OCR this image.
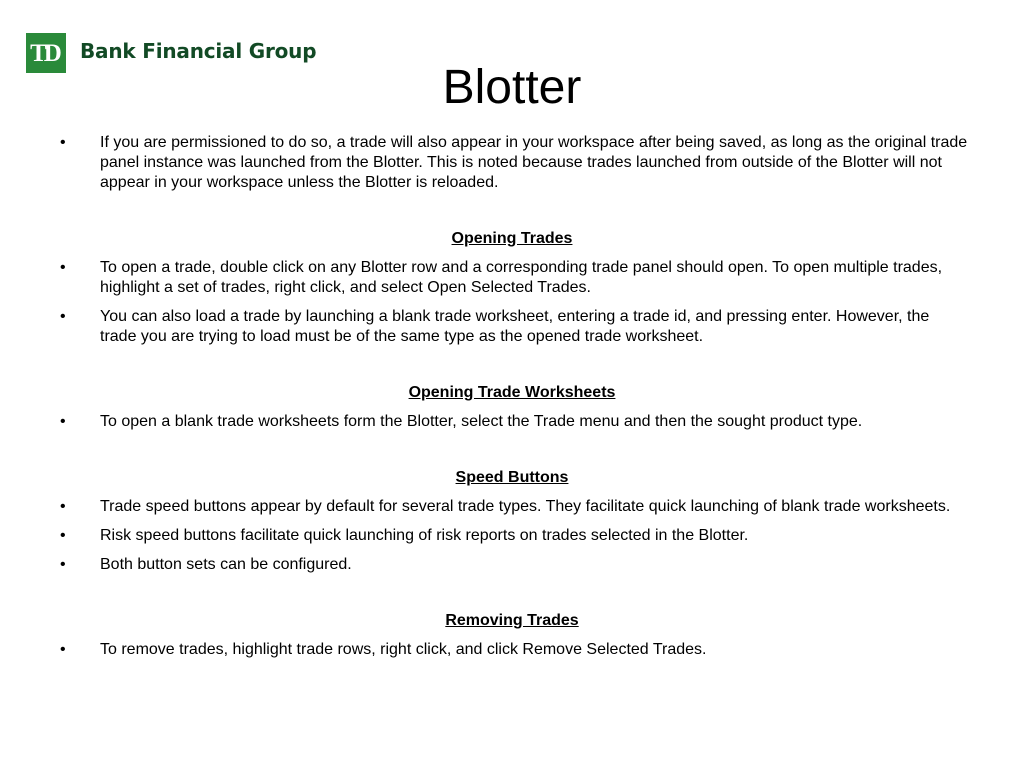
TD Bank Financial Group
Blotter
• If you are permissioned to do so, a trade will also appear in your workspace after being saved, as long as the original trade panel instance was launched from the Blotter. This is noted because trades launched from outside of the Blotter will not appear in your workspace unless the Blotter is reloaded.
Opening Trades
• To open a trade, double click on any Blotter row and a corresponding trade panel should open. To open multiple trades, highlight a set of trades, right click, and select Open Selected Trades.
• You can also load a trade by launching a blank trade worksheet, entering a trade id, and pressing enter. However, the trade you are trying to load must be of the same type as the opened trade worksheet.
Opening Trade Worksheets
• To open a blank trade worksheets form the Blotter, select the Trade menu and then the sought product type.
Speed Buttons
• Trade speed buttons appear by default for several trade types. They facilitate quick launching of blank trade worksheets.
• Risk speed buttons facilitate quick launching of risk reports on trades selected in the Blotter.
• Both button sets can be configured.
Removing Trades
• To remove trades, highlight trade rows, right click, and click Remove Selected Trades.
